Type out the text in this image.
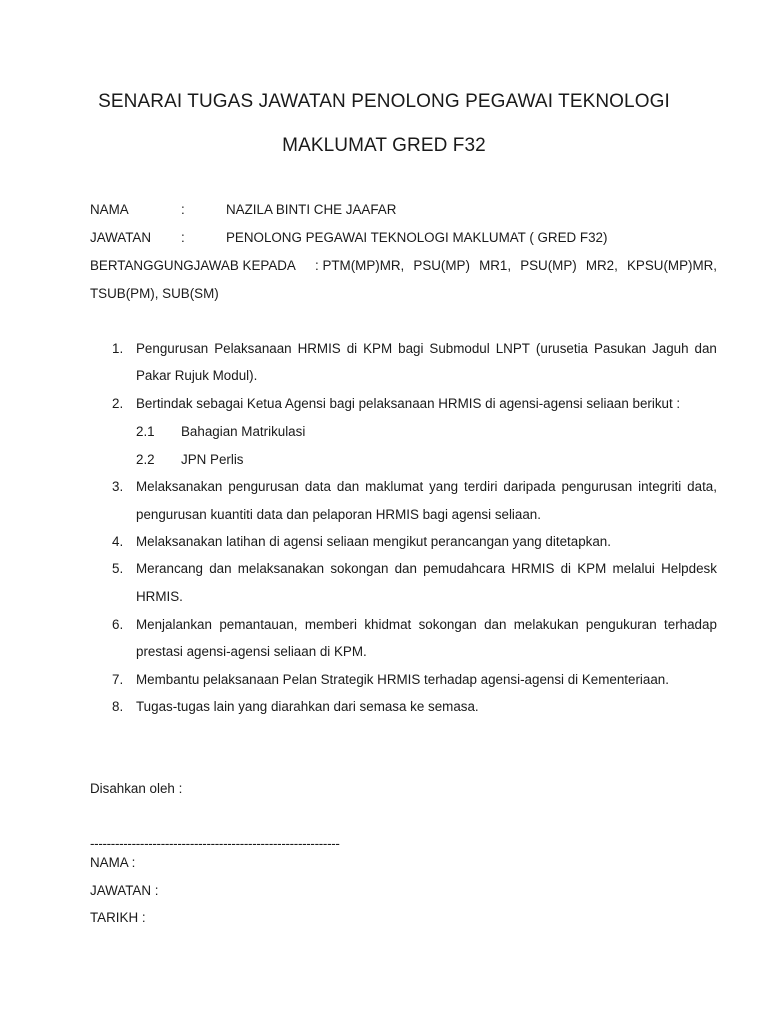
SENARAI TUGAS JAWATAN PENOLONG PEGAWAI TEKNOLOGI
MAKLUMAT GRED F32
NAMA	:	NAZILA BINTI CHE JAAFAR
JAWATAN :	PENOLONG PEGAWAI TEKNOLOGI MAKLUMAT ( GRED F32)
BERTANGGUNGJAWAB KEPADA : PTM(MP)MR, PSU(MP) MR1, PSU(MP) MR2, KPSU(MP)MR,
TSUB(PM), SUB(SM)
1. Pengurusan Pelaksanaan HRMIS di KPM bagi Submodul LNPT (urusetia Pasukan Jaguh dan
Pakar Rujuk Modul).
2. Bertindak sebagai Ketua Agensi bagi pelaksanaan HRMIS di agensi-agensi seliaan berikut :
2.1 Bahagian Matrikulasi
2.2 JPN Perlis
3. Melaksanakan pengurusan data dan maklumat yang terdiri daripada pengurusan integriti data,
pengurusan kuantiti data dan pelaporan HRMIS bagi agensi seliaan.
4. Melaksanakan latihan di agensi seliaan mengikut perancangan yang ditetapkan.
5. Merancang dan melaksanakan sokongan dan pemudahcara HRMIS di KPM melalui Helpdesk
HRMIS.
6. Menjalankan pemantauan, memberi khidmat sokongan dan melakukan pengukuran terhadap
prestasi agensi-agensi seliaan di KPM.
7. Membantu pelaksanaan Pelan Strategik HRMIS terhadap agensi-agensi di Kementeriaan.
8. Tugas-tugas lain yang diarahkan dari semasa ke semasa.
Disahkan oleh :
------------------------------------------------------------
NAMA :
JAWATAN :
TARIKH :
